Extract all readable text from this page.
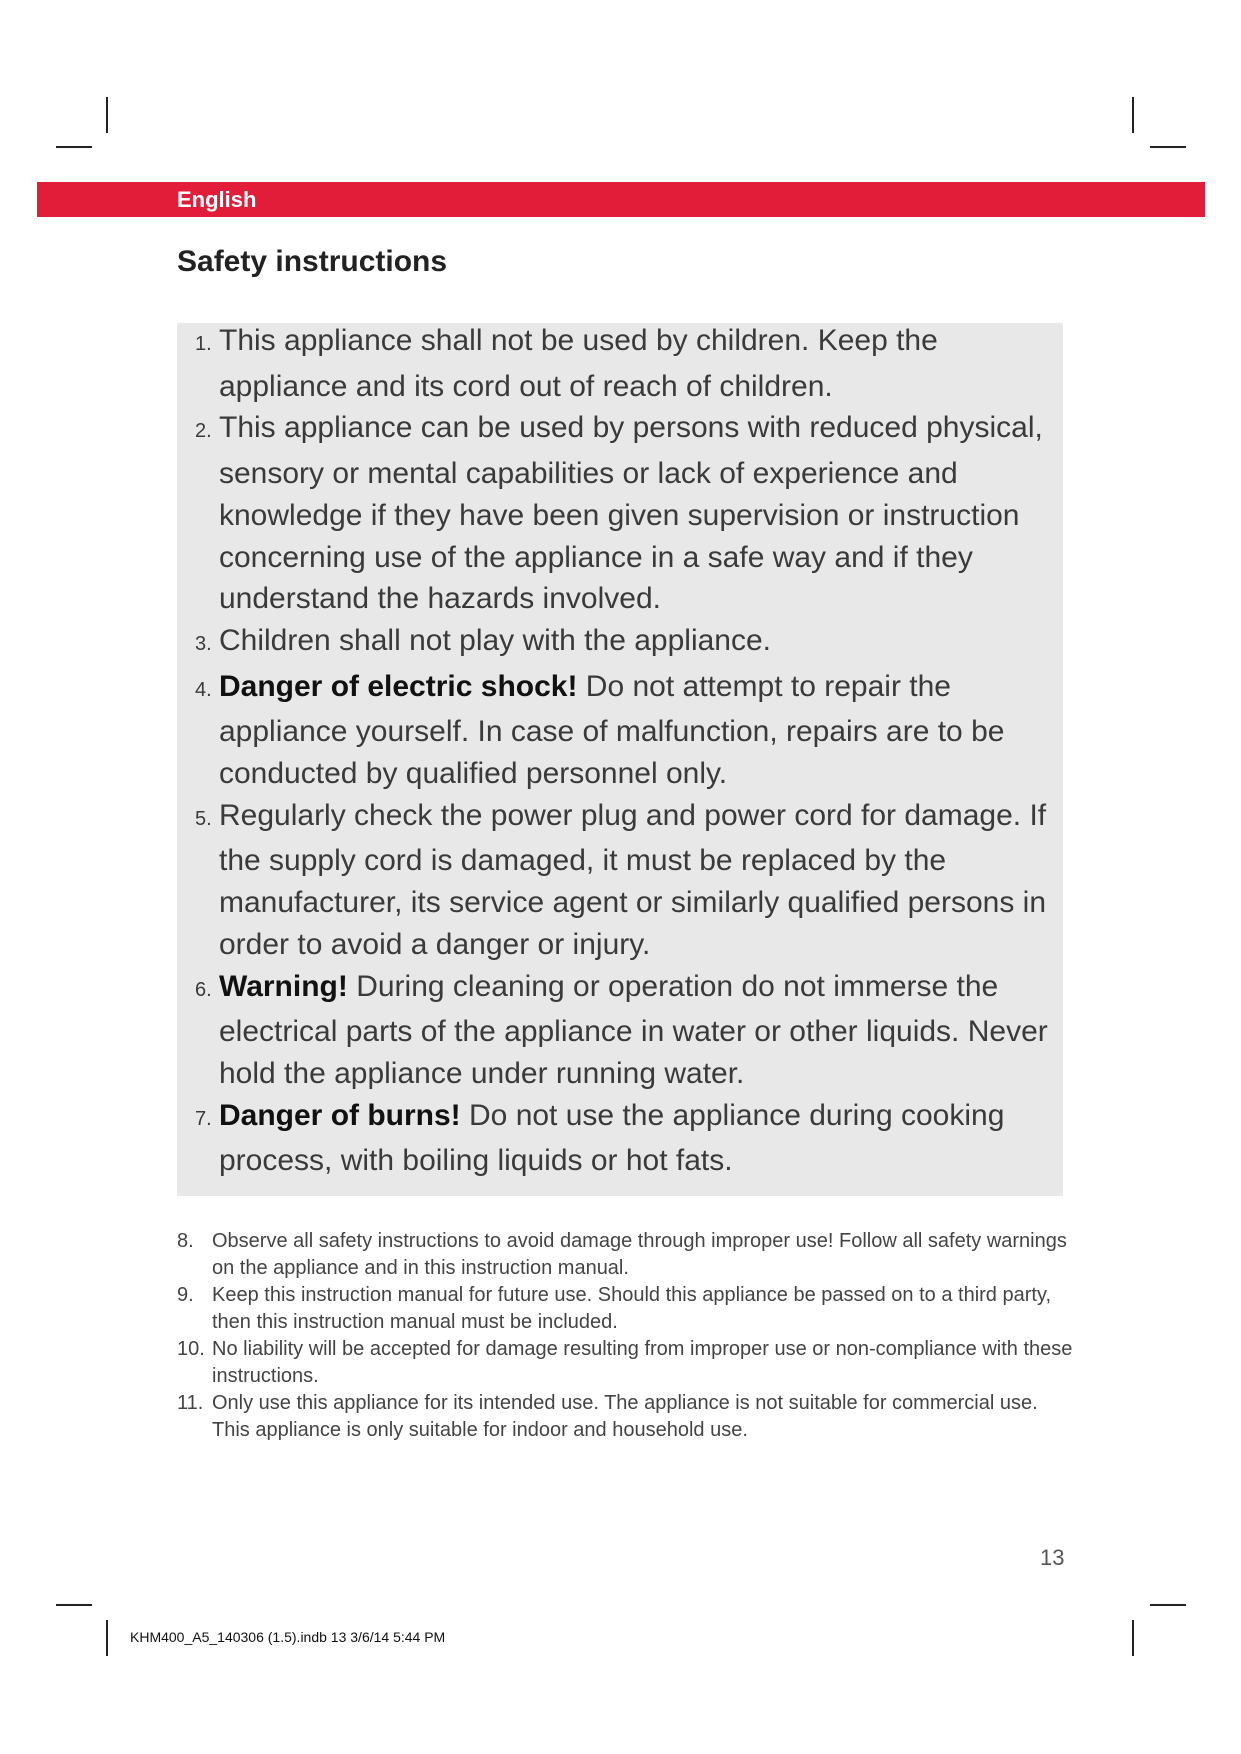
English
Safety instructions
1. This appliance shall not be used by children. Keep the appliance and its cord out of reach of children.
2. This appliance can be used by persons with reduced physical, sensory or mental capabilities or lack of experience and knowledge if they have been given supervision or instruction concerning use of the appliance in a safe way and if they understand the hazards involved.
3. Children shall not play with the appliance.
4. Danger of electric shock! Do not attempt to repair the appliance yourself. In case of malfunction, repairs are to be conducted by qualified personnel only.
5. Regularly check the power plug and power cord for damage. If the supply cord is damaged, it must be replaced by the manufacturer, its service agent or similarly qualified persons in order to avoid a danger or injury.
6. Warning! During cleaning or operation do not immerse the electrical parts of the appliance in water or other liquids. Never hold the appliance under running water.
7. Danger of burns! Do not use the appliance during cooking process, with boiling liquids or hot fats.
8. Observe all safety instructions to avoid damage through improper use! Follow all safety warnings on the appliance and in this instruction manual.
9. Keep this instruction manual for future use. Should this appliance be passed on to a third party, then this instruction manual must be included.
10. No liability will be accepted for damage resulting from improper use or non-compliance with these instructions.
11. Only use this appliance for its intended use. The appliance is not suitable for commercial use. This appliance is only suitable for indoor and household use.
13
KHM400_A5_140306 (1.5).indb 13 3/6/14 5:44 PM
